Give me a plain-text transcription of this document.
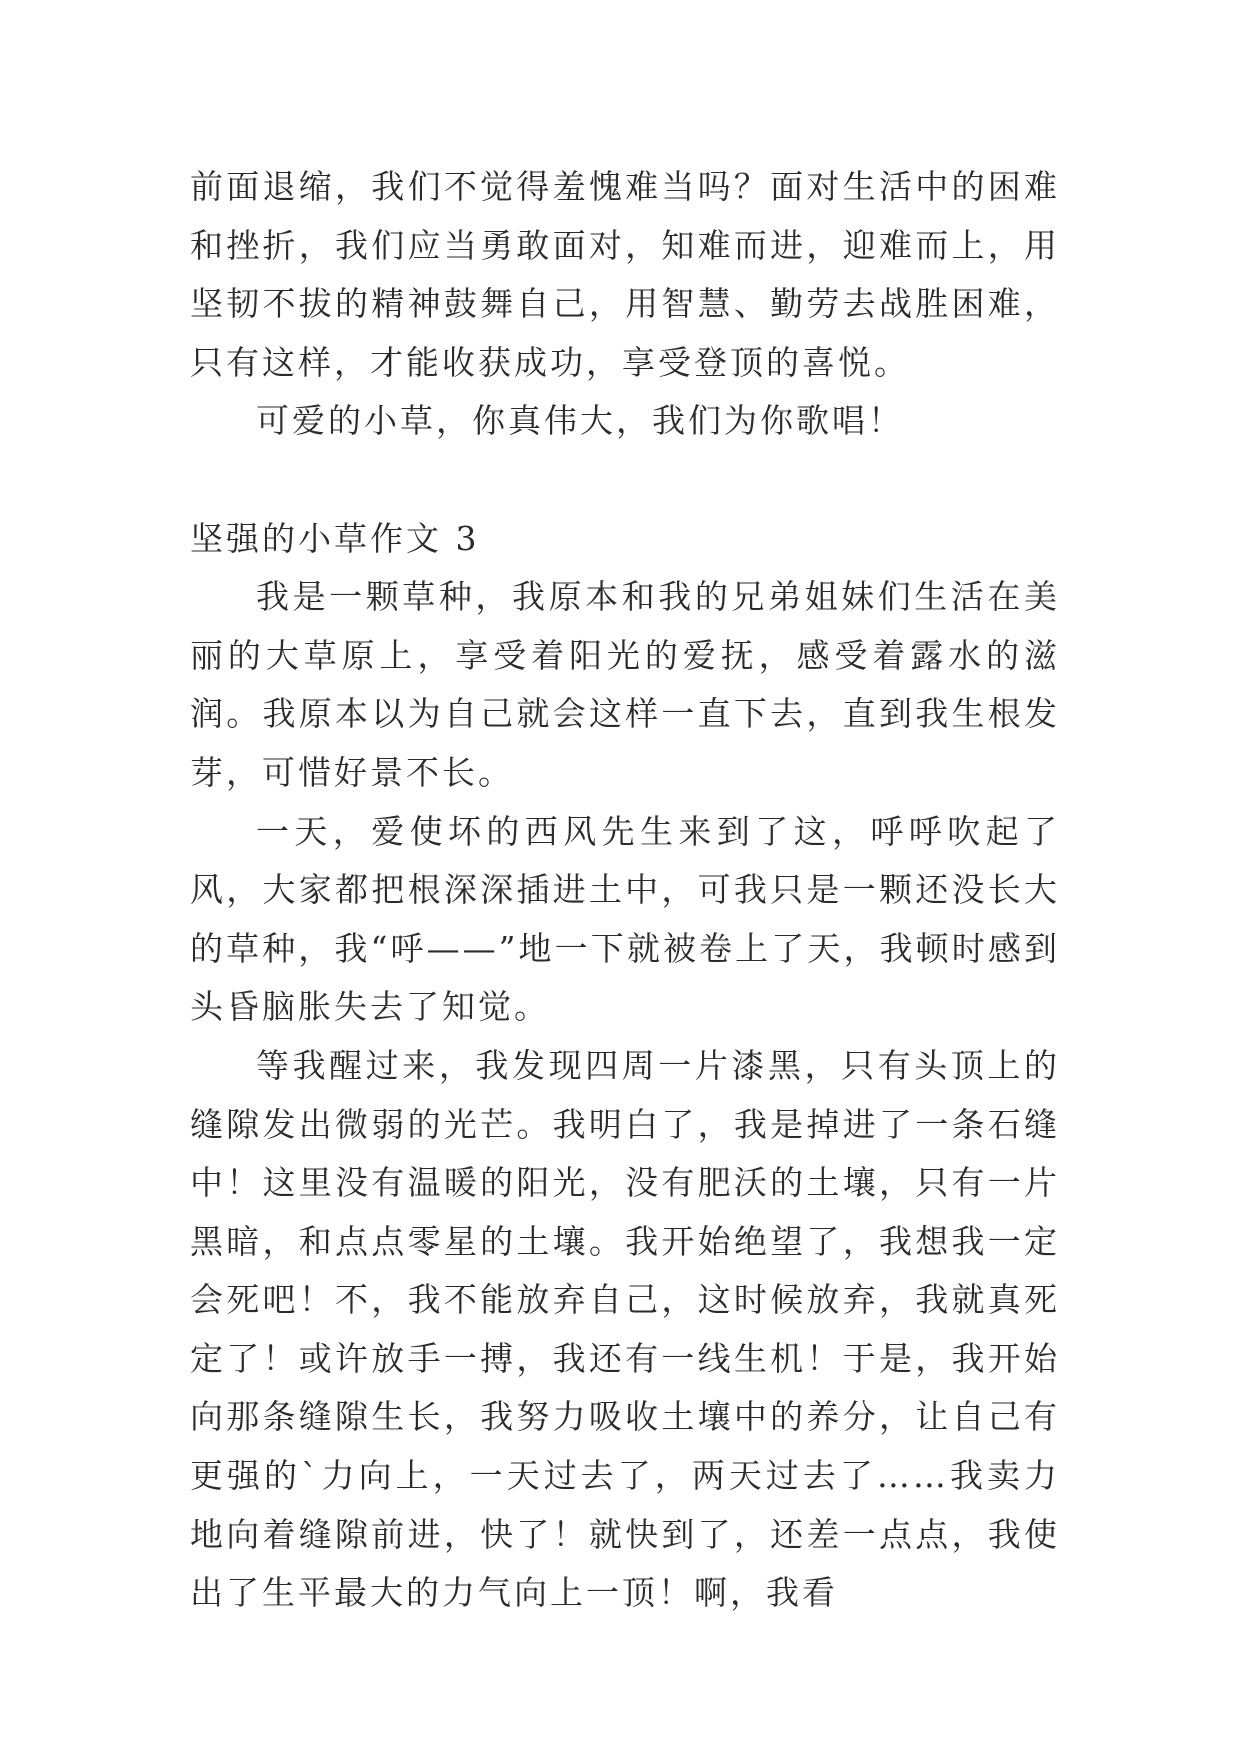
前面退缩，我们不觉得羞愧难当吗？面对生活中的困难和挫折，我们应当勇敢面对，知难而进，迎难而上，用坚韧不拔的精神鼓舞自己，用智慧、勤劳去战胜困难，只有这样，才能收获成功，享受登顶的喜悦。

可爱的小草，你真伟大，我们为你歌唱！

坚强的小草作文 3

我是一颗草种，我原本和我的兄弟姐妹们生活在美丽的大草原上，享受着阳光的爱抚，感受着露水的滋润。我原本以为自己就会这样一直下去，直到我生根发芽，可惜好景不长。

一天，爱使坏的西风先生来到了这，呼呼吹起了风，大家都把根深深插进土中，可我只是一颗还没长大的草种，我“呼——”地一下就被卷上了天，我顿时感到头昏脑胀失去了知觉。

等我醒过来，我发现四周一片漆黑，只有头顶上的缝隙发出微弱的光芒。我明白了，我是掉进了一条石缝中！这里没有温暖的阳光，没有肥沃的土壤，只有一片黑暗，和点点零星的土壤。我开始绝望了，我想我一定会死吧！不，我不能放弃自己，这时候放弃，我就真死定了！或许放手一搏，我还有一线生机！于是，我开始向那条缝隙生长，我努力吸收土壤中的养分，让自己有更强的`力向上，一天过去了，两天过去了……我卖力地向着缝隙前进，快了！就快到了，还差一点点，我使出了生平最大的力气向上一顶！啊，我看
